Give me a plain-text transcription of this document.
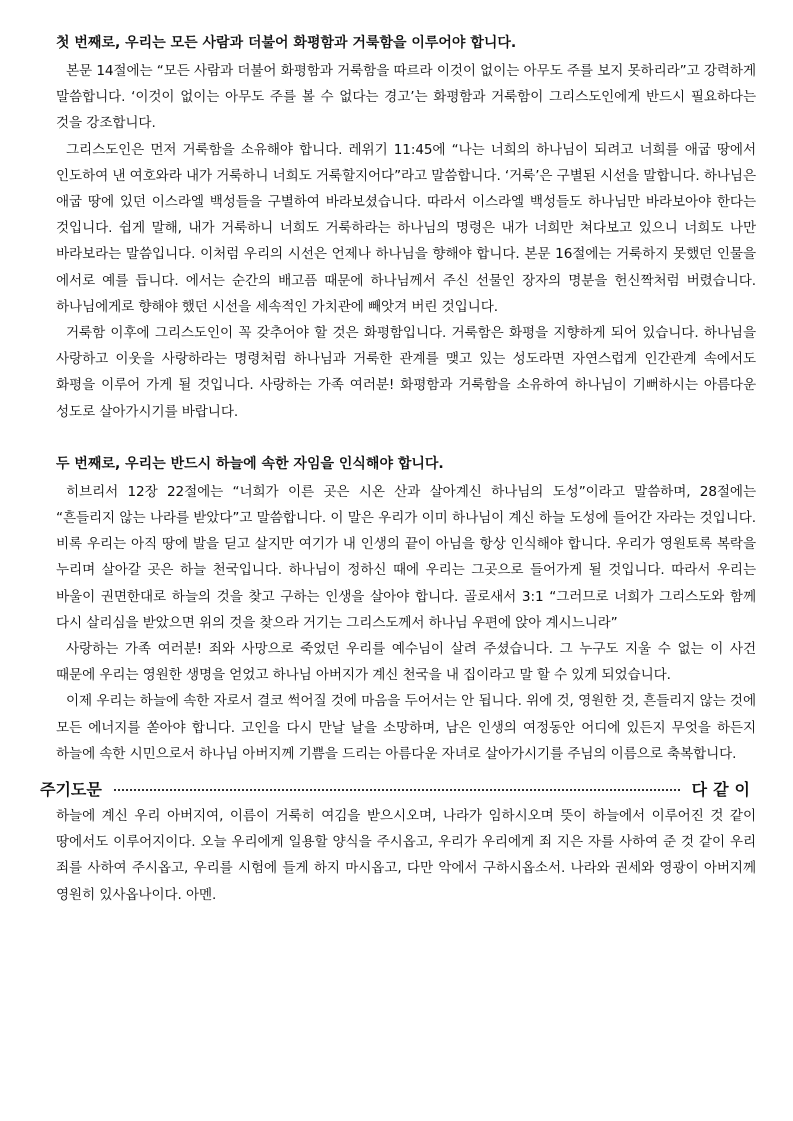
첫 번째로, 우리는 모든 사람과 더불어 화평함과 거룩함을 이루어야 합니다.

본문 14절에는 “모든 사람과 더불어 화평함과 거룩함을 따르라 이것이 없이는 아무도 주를 보지 못하리라”고 강력하게 말씀합니다. ‘이것이 없이는 아무도 주를 볼 수 없다는 경고’는 화평함과 거룩함이 그리스도인에게 반드시 필요하다는 것을 강조합니다.

그리스도인은 먼저 거룩함을 소유해야 합니다. 레위기 11:45에 “나는 너희의 하나님이 되려고 너희를 애굽 땅에서 인도하여 낸 여호와라 내가 거룩하니 너희도 거룩할지어다”라고 말씀합니다. ‘거룩’은 구별된 시선을 말합니다. 하나님은 애굽 땅에 있던 이스라엘 백성들을 구별하여 바라보셨습니다. 따라서 이스라엘 백성들도 하나님만 바라보아야 한다는 것입니다. 쉽게 말해, 내가 거룩하니 너희도 거룩하라는 하나님의 명령은 내가 너희만 쳐다보고 있으니 너희도 나만 바라보라는 말씀입니다. 이처럼 우리의 시선은 언제나 하나님을 향해야 합니다. 본문 16절에는 거룩하지 못했던 인물을 에서로 예를 듭니다. 에서는 순간의 배고픔 때문에 하나님께서 주신 선물인 장자의 명분을 헌신짝처럼 버렸습니다. 하나님에게로 향해야 했던 시선을 세속적인 가치관에 빼앗겨 버린 것입니다.

거룩함 이후에 그리스도인이 꼭 갖추어야 할 것은 화평함입니다. 거룩함은 화평을 지향하게 되어 있습니다. 하나님을 사랑하고 이웃을 사랑하라는 명령처럼 하나님과 거룩한 관계를 맺고 있는 성도라면 자연스럽게 인간관계 속에서도 화평을 이루어 가게 될 것입니다. 사랑하는 가족 여러분! 화평함과 거룩함을 소유하여 하나님이 기뻐하시는 아름다운 성도로 살아가시기를 바랍니다.

두 번째로, 우리는 반드시 하늘에 속한 자임을 인식해야 합니다.

히브리서 12장 22절에는 “너희가 이른 곳은 시온 산과 살아계신 하나님의 도성”이라고 말씀하며, 28절에는 “흔들리지 않는 나라를 받았다”고 말씀합니다. 이 말은 우리가 이미 하나님이 계신 하늘 도성에 들어간 자라는 것입니다. 비록 우리는 아직 땅에 발을 딛고 살지만 여기가 내 인생의 끝이 아님을 항상 인식해야 합니다. 우리가 영원토록 복락을 누리며 살아갈 곳은 하늘 천국입니다. 하나님이 정하신 때에 우리는 그곳으로 들어가게 될 것입니다. 따라서 우리는 바울이 권면한대로 하늘의 것을 찾고 구하는 인생을 살아야 합니다. 골로새서 3:1 “그러므로 너희가 그리스도와 함께 다시 살리심을 받았으면 위의 것을 찾으라 거기는 그리스도께서 하나님 우편에 앉아 계시느니라”

사랑하는 가족 여러분! 죄와 사망으로 죽었던 우리를 예수님이 살려 주셨습니다. 그 누구도 지울 수 없는 이 사건 때문에 우리는 영원한 생명을 얻었고 하나님 아버지가 계신 천국을 내 집이라고 말 할 수 있게 되었습니다.

이제 우리는 하늘에 속한 자로서 결코 썩어질 것에 마음을 두어서는 안 됩니다. 위에 것, 영원한 것, 흔들리지 않는 것에 모든 에너지를 쏟아야 합니다. 고인을 다시 만날 날을 소망하며, 남은 인생의 여정동안 어디에 있든지 무엇을 하든지 하늘에 속한 시민으로서 하나님 아버지께 기쁨을 드리는 아름다운 자녀로 살아가시기를 주님의 이름으로 축복합니다.

주기도문	다같이

하늘에 계신 우리 아버지여, 이름이 거룩히 여김을 받으시오며, 나라가 임하시오며 뜻이 하늘에서 이루어진 것 같이 땅에서도 이루어지이다. 오늘 우리에게 일용할 양식을 주시옵고, 우리가 우리에게 죄 지은 자를 사하여 준 것 같이 우리 죄를 사하여 주시옵고, 우리를 시험에 들게 하지 마시옵고, 다만 악에서 구하시옵소서. 나라와 권세와 영광이 아버지께 영원히 있사옵나이다. 아멘.
